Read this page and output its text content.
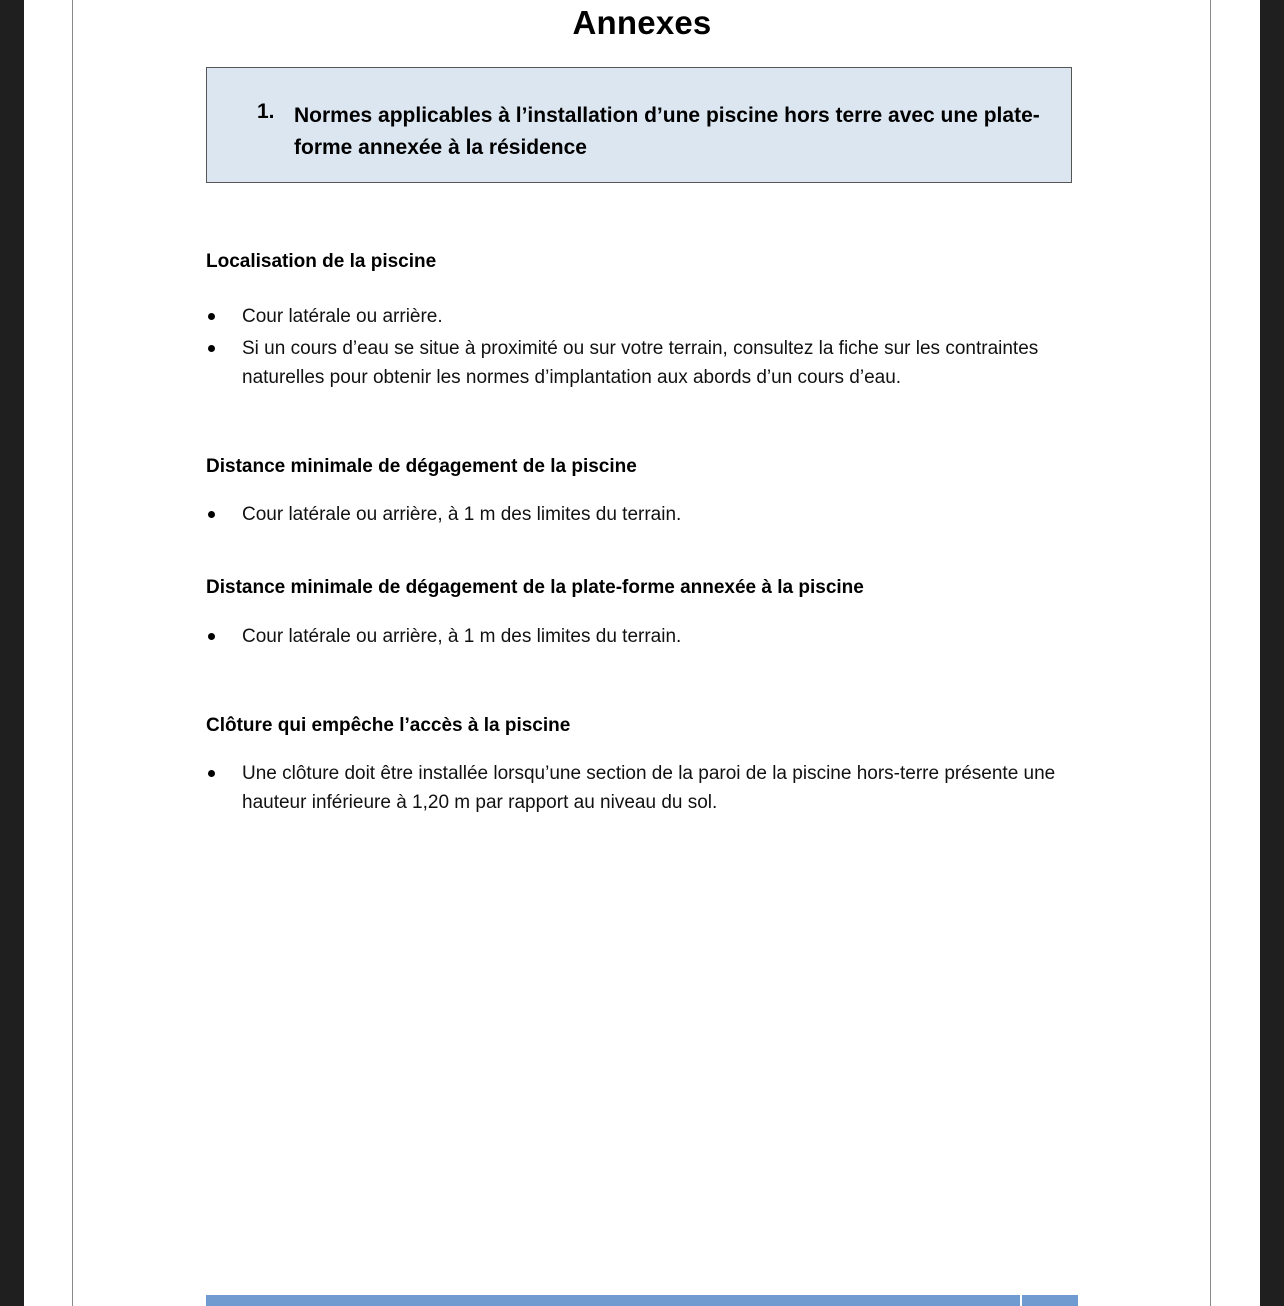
Annexes
1. Normes applicables à l’installation d’une piscine hors terre avec une plate-forme annexée à la résidence
Localisation de la piscine
Cour latérale ou arrière.
Si un cours d’eau se situe à proximité ou sur votre terrain, consultez la fiche sur les contraintes naturelles pour obtenir les normes d’implantation aux abords d’un cours d’eau.
Distance minimale de dégagement de la piscine
Cour latérale ou arrière, à 1 m des limites du terrain.
Distance minimale de dégagement de la plate-forme annexée à la piscine
Cour latérale ou arrière, à 1 m des limites du terrain.
Clôture qui empêche l’accès à la piscine
Une clôture doit être installée lorsqu’une section de la paroi de la piscine hors-terre présente une hauteur inférieure à 1,20 m par rapport au niveau du sol.
